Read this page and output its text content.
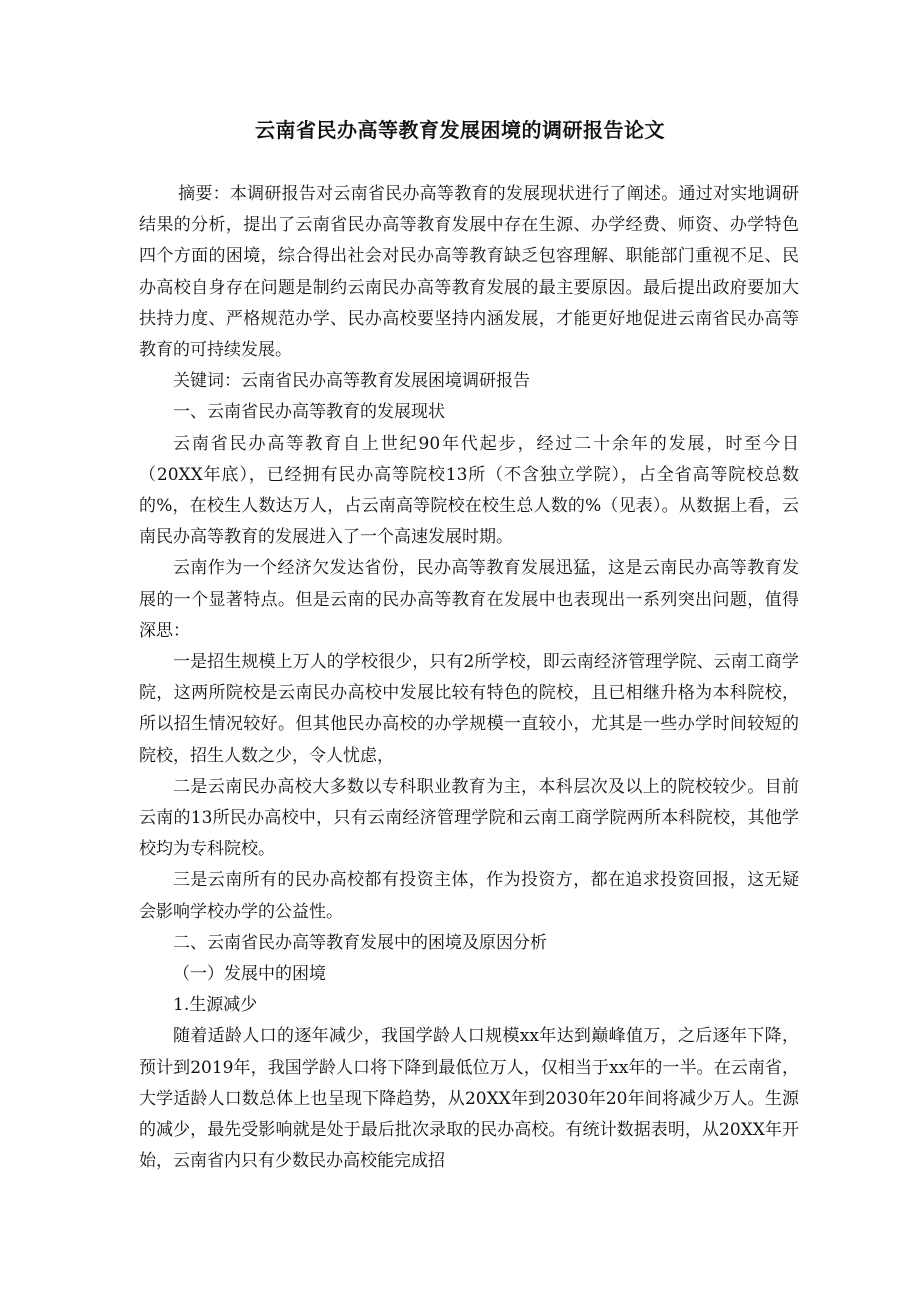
云南省民办高等教育发展困境的调研报告论文

摘要：本调研报告对云南省民办高等教育的发展现状进行了阐述。通过对实地调研结果的分析，提出了云南省民办高等教育发展中存在生源、办学经费、师资、办学特色四个方面的困境，综合得出社会对民办高等教育缺乏包容理解、职能部门重视不足、民办高校自身存在问题是制约云南民办高等教育发展的最主要原因。最后提出政府要加大扶持力度、严格规范办学、民办高校要坚持内涵发展，才能更好地促进云南省民办高等教育的可持续发展。

关键词：云南省民办高等教育发展困境调研报告

一、云南省民办高等教育的发展现状

云南省民办高等教育自上世纪90年代起步，经过二十余年的发展，时至今日（20XX年底），已经拥有民办高等院校13所（不含独立学院），占全省高等院校总数的%，在校生人数达万人，占云南高等院校在校生总人数的%（见表）。从数据上看，云南民办高等教育的发展进入了一个高速发展时期。

云南作为一个经济欠发达省份，民办高等教育发展迅猛，这是云南民办高等教育发展的一个显著特点。但是云南的民办高等教育在发展中也表现出一系列突出问题，值得深思：

一是招生规模上万人的学校很少，只有2所学校，即云南经济管理学院、云南工商学院，这两所院校是云南民办高校中发展比较有特色的院校，且已相继升格为本科院校，所以招生情况较好。但其他民办高校的办学规模一直较小，尤其是一些办学时间较短的院校，招生人数之少，令人忧虑，

二是云南民办高校大多数以专科职业教育为主，本科层次及以上的院校较少。目前云南的13所民办高校中，只有云南经济管理学院和云南工商学院两所本科院校，其他学校均为专科院校。

三是云南所有的民办高校都有投资主体，作为投资方，都在追求投资回报，这无疑会影响学校办学的公益性。

二、云南省民办高等教育发展中的困境及原因分析

（一）发展中的困境

1.生源减少

随着适龄人口的逐年减少，我国学龄人口规模xx年达到巅峰值万，之后逐年下降，预计到2019年，我国学龄人口将下降到最低位万人，仅相当于xx年的一半。在云南省，大学适龄人口数总体上也呈现下降趋势，从20XX年到2030年20年间将减少万人。生源的减少，最先受影响就是处于最后批次录取的民办高校。有统计数据表明，从20XX年开始，云南省内只有少数民办高校能完成招
